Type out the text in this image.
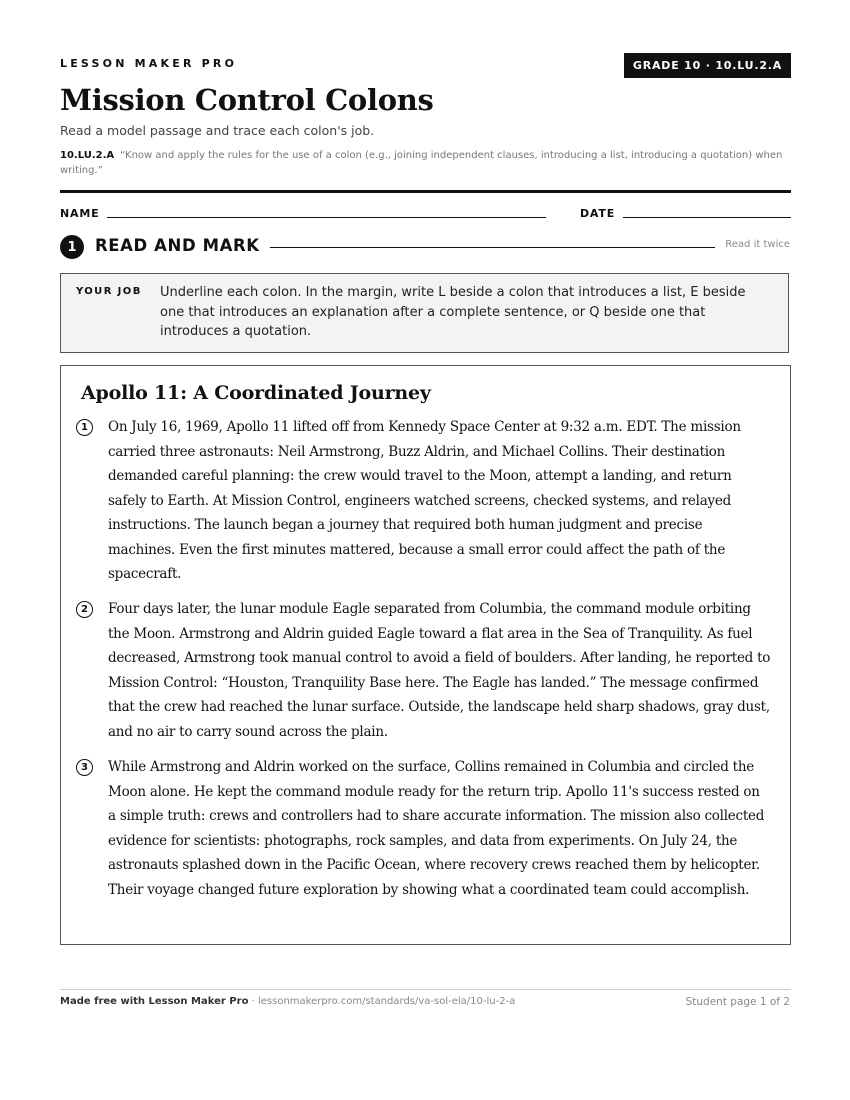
LESSON MAKER PRO	GRADE 10 · 10.LU.2.A
Mission Control Colons
Read a model passage and trace each colon's job.
10.LU.2.A “Know and apply the rules for the use of a colon (e.g., joining independent clauses, introducing a list, introducing a quotation) when writing.”
NAME	DATE
1	READ AND MARK	Read it twice
YOUR JOB Underline each colon. In the margin, write L beside a colon that introduces a list, E beside one that introduces an explanation after a complete sentence, or Q beside one that introduces a quotation.
Apollo 11: A Coordinated Journey
1	On July 16, 1969, Apollo 11 lifted off from Kennedy Space Center at 9:32 a.m. EDT. The mission carried three astronauts: Neil Armstrong, Buzz Aldrin, and Michael Collins. Their destination demanded careful planning: the crew would travel to the Moon, attempt a landing, and return safely to Earth. At Mission Control, engineers watched screens, checked systems, and relayed instructions. The launch began a journey that required both human judgment and precise machines. Even the first minutes mattered, because a small error could affect the path of the spacecraft.

2	Four days later, the lunar module Eagle separated from Columbia, the command module orbiting the Moon. Armstrong and Aldrin guided Eagle toward a flat area in the Sea of Tranquility. As fuel decreased, Armstrong took manual control to avoid a field of boulders. After landing, he reported to Mission Control: “Houston, Tranquility Base here. The Eagle has landed.” The message confirmed that the crew had reached the lunar surface. Outside, the landscape held sharp shadows, gray dust, and no air to carry sound across the plain.

3	While Armstrong and Aldrin worked on the surface, Collins remained in Columbia and circled the Moon alone. He kept the command module ready for the return trip. Apollo 11's success rested on a simple truth: crews and controllers had to share accurate information. The mission also collected evidence for scientists: photographs, rock samples, and data from experiments. On July 24, the astronauts splashed down in the Pacific Ocean, where recovery crews reached them by helicopter. Their voyage changed future exploration by showing what a coordinated team could accomplish.

Made free with Lesson Maker Pro · lessonmakerpro.com/standards/va-sol-ela/10-lu-2-a	Student page 1 of 2
